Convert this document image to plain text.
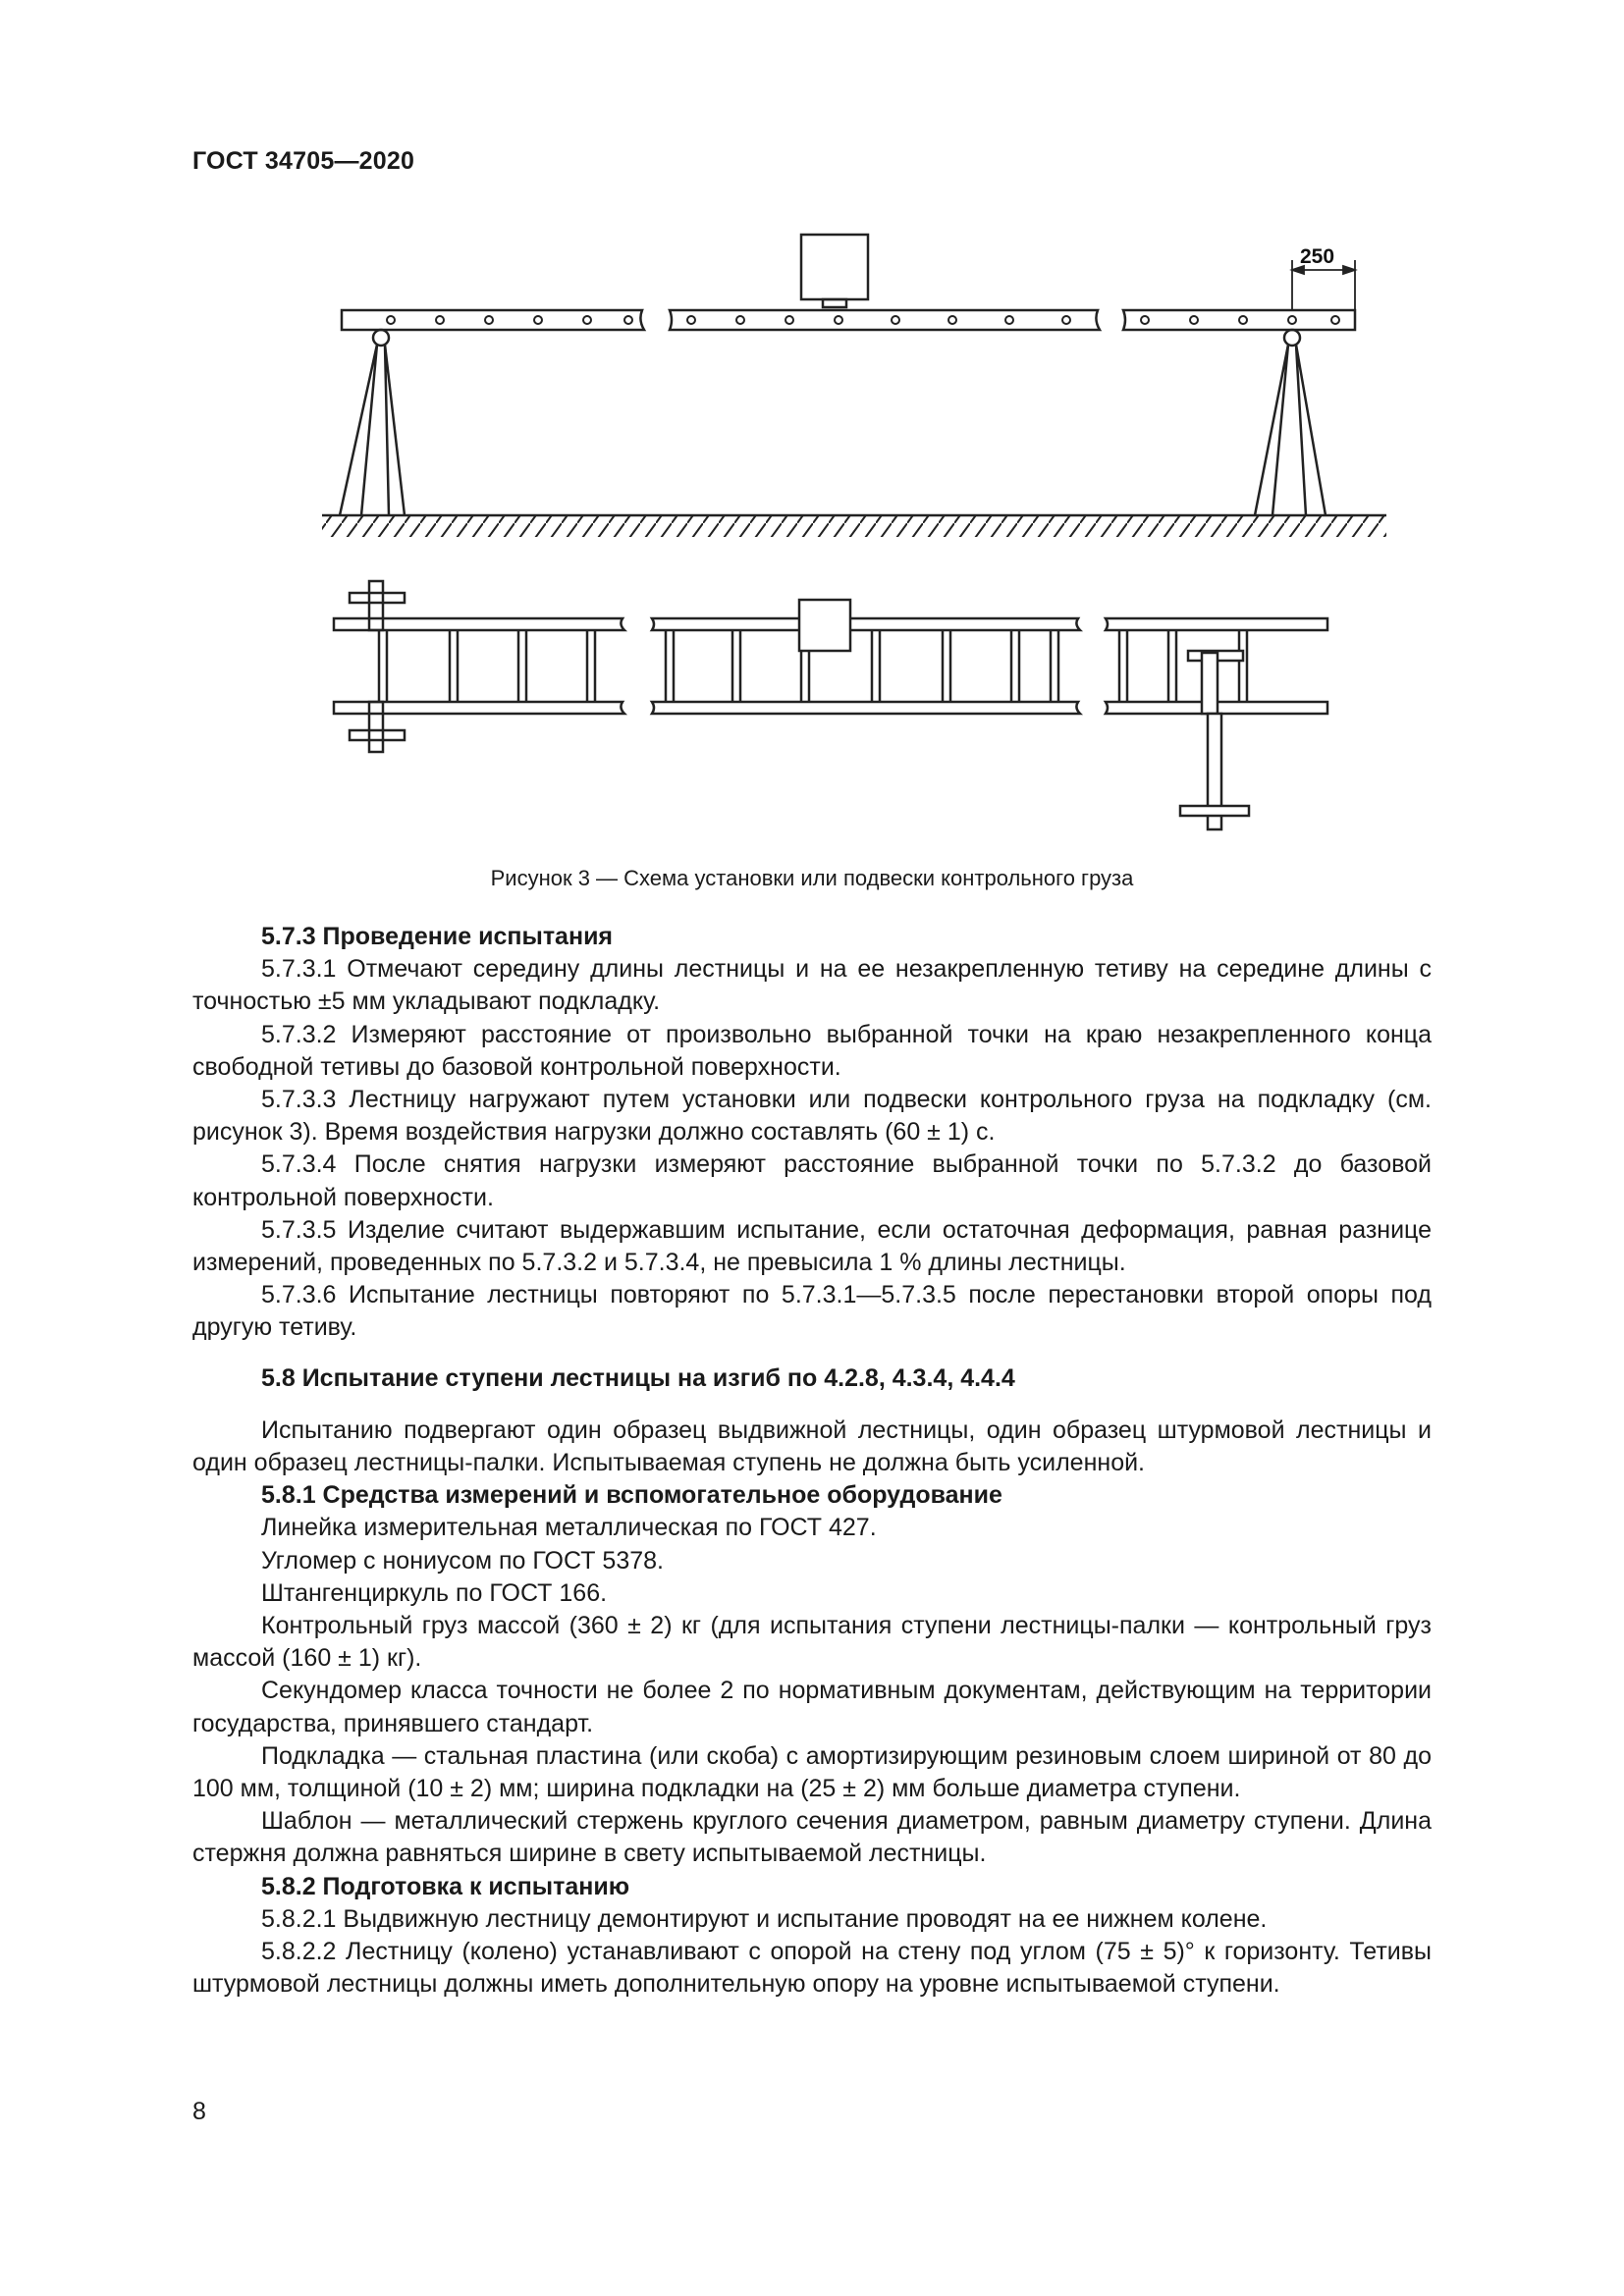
ГОСТ 34705—2020
250
Рисунок 3 — Схема установки или подвески контрольного груза

5.7.3 Проведение испытания

5.7.3.1 Отмечают середину длины лестницы и на ее незакрепленную тетиву на середине длины с точностью ±5 мм укладывают подкладку.

5.7.3.2 Измеряют расстояние от произвольно выбранной точки на краю незакрепленного конца свободной тетивы до базовой контрольной поверхности.

5.7.3.3 Лестницу нагружают путем установки или подвески контрольного груза на подкладку (см. рисунок 3). Время воздействия нагрузки должно составлять (60 ± 1) с.

5.7.3.4 После снятия нагрузки измеряют расстояние выбранной точки по 5.7.3.2 до базовой контрольной поверхности.

5.7.3.5 Изделие считают выдержавшим испытание, если остаточная деформация, равная разнице измерений, проведенных по 5.7.3.2 и 5.7.3.4, не превысила 1 % длины лестницы.

5.7.3.6 Испытание лестницы повторяют по 5.7.3.1—5.7.3.5 после перестановки второй опоры под другую тетиву.

5.8 Испытание ступени лестницы на изгиб по 4.2.8, 4.3.4, 4.4.4

Испытанию подвергают один образец выдвижной лестницы, один образец штурмовой лестницы и один образец лестницы-палки. Испытываемая ступень не должна быть усиленной.

5.8.1 Средства измерений и вспомогательное оборудование

Линейка измерительная металлическая по ГОСТ 427.

Угломер с нониусом по ГОСТ 5378.

Штангенциркуль по ГОСТ 166.

Контрольный груз массой (360 ± 2) кг (для испытания ступени лестницы-палки — контрольный груз массой (160 ± 1) кг).

Секундомер класса точности не более 2 по нормативным документам, действующим на территории государства, принявшего стандарт.

Подкладка — стальная пластина (или скоба) с амортизирующим резиновым слоем шириной от 80 до 100 мм, толщиной (10 ± 2) мм; ширина подкладки на (25 ± 2) мм больше диаметра ступени.

Шаблон — металлический стержень круглого сечения диаметром, равным диаметру ступени. Длина стержня должна равняться ширине в свету испытываемой лестницы.

5.8.2 Подготовка к испытанию

5.8.2.1 Выдвижную лестницу демонтируют и испытание проводят на ее нижнем колене.

5.8.2.2 Лестницу (колено) устанавливают с опорой на стену под углом (75 ± 5)° к горизонту. Тетивы штурмовой лестницы должны иметь дополнительную опору на уровне испытываемой ступени.

8
